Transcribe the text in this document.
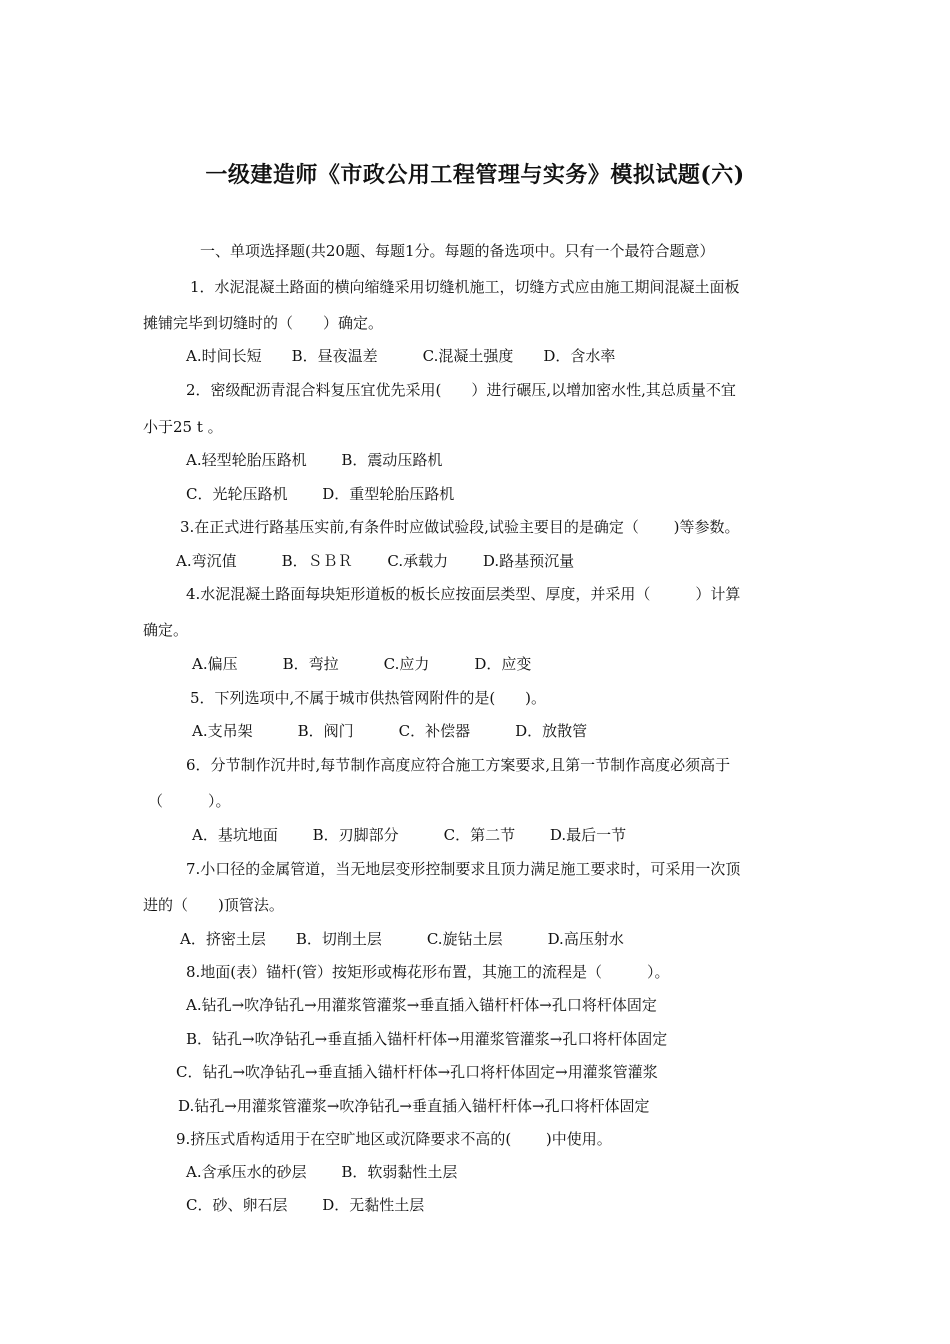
一级建造师《市政公用工程管理与实务》模拟试题(六)
一、单项选择题(共20题、每题1分。每题的备选项中。只有一个最符合题意）
1．水泥混凝土路面的横向缩缝采用切缝机施工，切缝方式应由施工期间混凝土面板
摊铺完毕到切缝时的（　　）确定。
A.时间长短　　B．昼夜温差　　　C.混凝土强度　　D．含水率
2．密级配沥青混合料复压宜优先采用(　　）进行碾压,以增加密水性,其总质量不宜
小于25 t 。
A.轻型轮胎压路机　　 B．震动压路机
C．光轮压路机　　 D．重型轮胎压路机
3.在正式进行路基压实前,有条件时应做试验段,试验主要目的是确定（　　 )等参数。
A.弯沉值　　　B．ＳＢＲ　　 C.承载力　　 D.路基预沉量
4.水泥混凝土路面每块矩形道板的板长应按面层类型、厚度，并采用（　　　）计算
确定。
A.偏压　　　B．弯拉　　　C.应力　　　D．应变
5．下列选项中,不属于城市供热管网附件的是(　　)。
A.支吊架　　　B．阀门　　　C．补偿器　　　D．放散管
6．分节制作沉井时,每节制作高度应符合施工方案要求,且第一节制作高度必须高于
（　　　）。
A．基坑地面　　 B．刃脚部分　　　C．第二节　　 D.最后一节
7.小口径的金属管道，当无地层变形控制要求且顶力满足施工要求时，可采用一次顶
进的（　　)顶管法。
A．挤密土层　　B．切削土层　　　C.旋钻土层　　　D.高压射水
8.地面(表）锚杆(管）按矩形或梅花形布置，其施工的流程是（　　　）。
A.钻孔→吹净钻孔→用灌浆管灌浆→垂直插入锚杆杆体→孔口将杆体固定
B．钻孔→吹净钻孔→垂直插入锚杆杆体→用灌浆管灌浆→孔口将杆体固定
C．钻孔→吹净钻孔→垂直插入锚杆杆体→孔口将杆体固定→用灌浆管灌浆
D.钻孔→用灌浆管灌浆→吹净钻孔→垂直插入锚杆杆体→孔口将杆体固定
9.挤压式盾构适用于在空旷地区或沉降要求不高的(　　 )中使用。
A.含承压水的砂层　　 B．软弱黏性土层
C．砂、卵石层　　 D．无黏性土层
